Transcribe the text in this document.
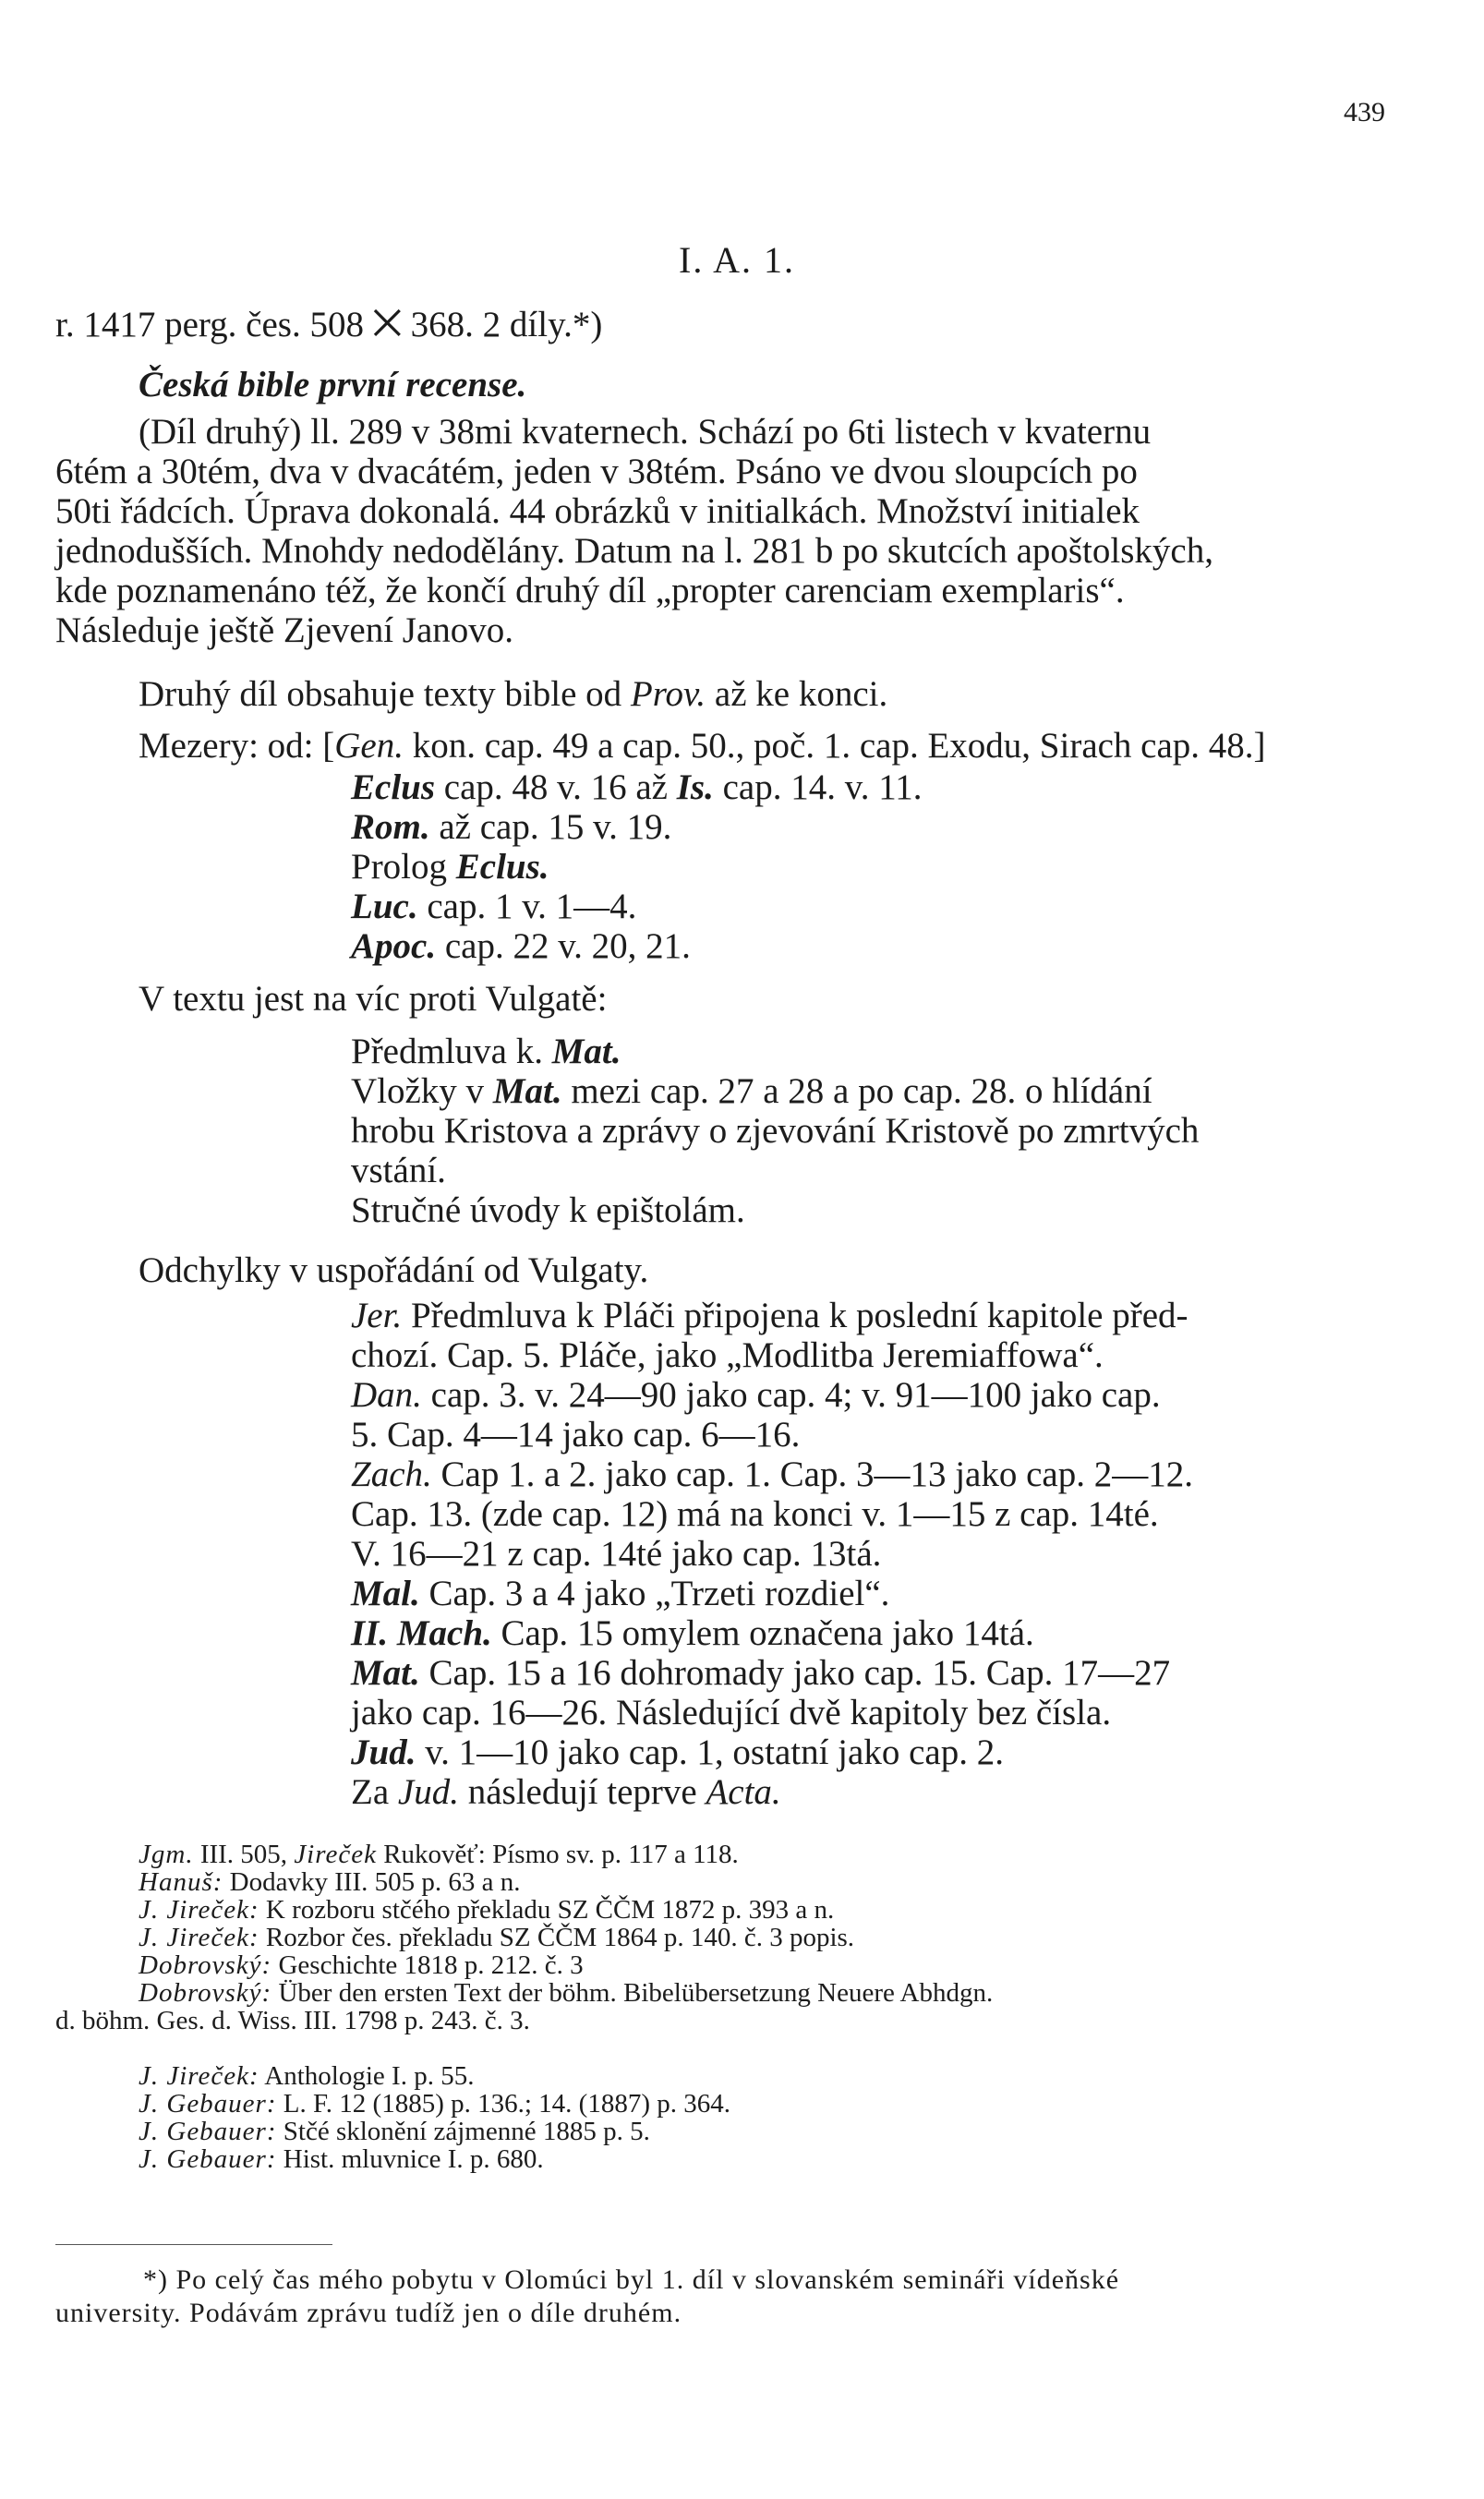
439
I. A. 1.
r. 1417 perg. čes. 508 ⨉ 368. 2 díly.*)
Česká bible první recense.
(Díl druhý) ll. 289 v 38mi kvaternech. Schází po 6ti listech v kvaternu
6tém a 30tém, dva v dvacátém, jeden v 38tém. Psáno ve dvou sloupcích po
50ti řádcích. Úprava dokonalá. 44 obrázků v initialkách. Množství initialek
jednodušších. Mnohdy nedodělány. Datum na l. 281 b po skutcích apoštolských,
kde poznamenáno též, že končí druhý díl „propter carenciam exemplaris“.
Následuje ještě Zjevení Janovo.
Druhý díl obsahuje texty bible od Prov. až ke konci.
Mezery: od: [Gen. kon. cap. 49 a cap. 50., poč. 1. cap. Exodu, Sirach cap. 48.]
Eclus cap. 48 v. 16 až Is. cap. 14. v. 11.
Rom. až cap. 15 v. 19.
Prolog Eclus.
Luc. cap. 1 v. 1—4.
Apoc. cap. 22 v. 20, 21.
V textu jest na víc proti Vulgatě:
Předmluva k. Mat.
Vložky v Mat. mezi cap. 27 a 28 a po cap. 28. o hlídání
hrobu Kristova a zprávy o zjevování Kristově po zmrtvých
vstání.
Stručné úvody k epištolám.
Odchylky v uspořádání od Vulgaty.
Jer. Předmluva k Pláči připojena k poslední kapitole před-
chozí. Cap. 5. Pláče, jako „Modlitba Jeremiaffowa“.
Dan. cap. 3. v. 24—90 jako cap. 4; v. 91—100 jako cap.
5. Cap. 4—14 jako cap. 6—16.
Zach. Cap 1. a 2. jako cap. 1. Cap. 3—13 jako cap. 2—12.
Cap. 13. (zde cap. 12) má na konci v. 1—15 z cap. 14té.
V. 16—21 z cap. 14té jako cap. 13tá.
Mal. Cap. 3 a 4 jako „Trzeti rozdiel“.
II. Mach. Cap. 15 omylem označena jako 14tá.
Mat. Cap. 15 a 16 dohromady jako cap. 15. Cap. 17—27
jako cap. 16—26. Následující dvě kapitoly bez čísla.
Jud. v. 1—10 jako cap. 1, ostatní jako cap. 2.
Za Jud. následují teprve Acta.
Jgm. III. 505, Jireček Rukověť: Písmo sv. p. 117 a 118.
Hanuš: Dodavky III. 505 p. 63 a n.
J. Jireček: K rozboru stčého překladu SZ ČČM 1872 p. 393 a n.
J. Jireček: Rozbor čes. překladu SZ ČČM 1864 p. 140. č. 3 popis.
Dobrovský: Geschichte 1818 p. 212. č. 3
Dobrovský: Über den ersten Text der böhm. Bibelübersetzung Neuere Abhdgn.
d. böhm. Ges. d. Wiss. III. 1798 p. 243. č. 3.
J. Jireček: Anthologie I. p. 55.
J. Gebauer: L. F. 12 (1885) p. 136.; 14. (1887) p. 364.
J. Gebauer: Stčé sklonění zájmenné 1885 p. 5.
J. Gebauer: Hist. mluvnice I. p. 680.
*) Po celý čas mého pobytu v Olomúci byl 1. díl v slovanském semináři vídeňské
university. Podávám zprávu tudíž jen o díle druhém.
